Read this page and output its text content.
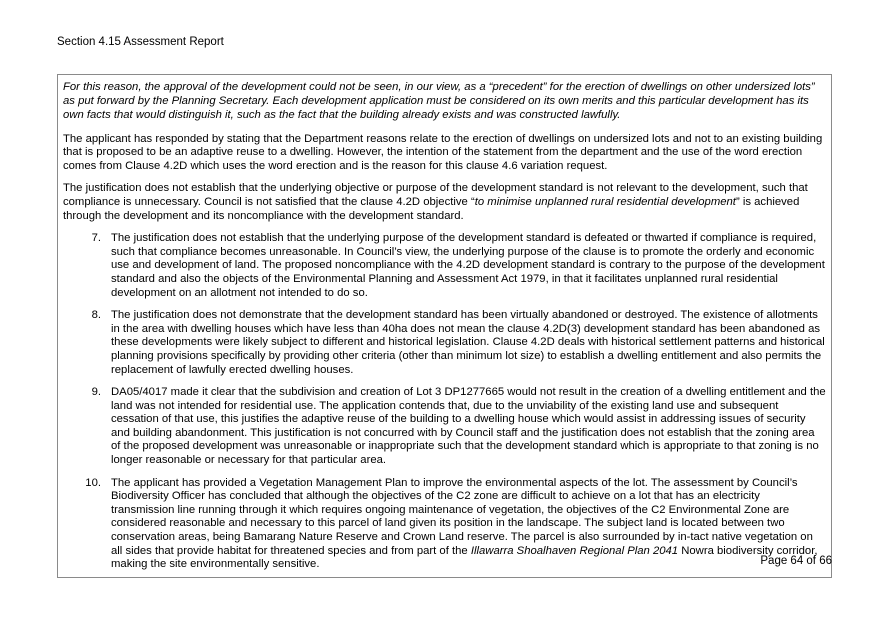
Section 4.15 Assessment Report

For this reason, the approval of the development could not be seen, in our view, as a “precedent” for the erection of dwellings on other undersized lots” as put forward by the Planning Secretary. Each development application must be considered on its own merits and this particular development has its own facts that would distinguish it, such as the fact that the building already exists and was constructed lawfully.

The applicant has responded by stating that the Department reasons relate to the erection of dwellings on undersized lots and not to an existing building that is proposed to be an adaptive reuse to a dwelling. However, the intention of the statement from the department and the use of the word erection comes from Clause 4.2D which uses the word erection and is the reason for this clause 4.6 variation request.

The justification does not establish that the underlying objective or purpose of the development standard is not relevant to the development, such that compliance is unnecessary. Council is not satisfied that the clause 4.2D objective “to minimise unplanned rural residential development” is achieved through the development and its noncompliance with the development standard.

7. The justification does not establish that the underlying purpose of the development standard is defeated or thwarted if compliance is required, such that compliance becomes unreasonable. In Council’s view, the underlying purpose of the clause is to promote the orderly and economic use and development of land. The proposed noncompliance with the 4.2D development standard is contrary to the purpose of the development standard and also the objects of the Environmental Planning and Assessment Act 1979, in that it facilitates unplanned rural residential development on an allotment not intended to do so.
8. The justification does not demonstrate that the development standard has been virtually abandoned or destroyed. The existence of allotments in the area with dwelling houses which have less than 40ha does not mean the clause 4.2D(3) development standard has been abandoned as these developments were likely subject to different and historical legislation. Clause 4.2D deals with historical settlement patterns and historical planning provisions specifically by providing other criteria (other than minimum lot size) to establish a dwelling entitlement and also permits the replacement of lawfully erected dwelling houses.
9. DA05/4017 made it clear that the subdivision and creation of Lot 3 DP1277665 would not result in the creation of a dwelling entitlement and the land was not intended for residential use. The application contends that, due to the unviability of the existing land use and subsequent cessation of that use, this justifies the adaptive reuse of the building to a dwelling house which would assist in addressing issues of security and building abandonment. This justification is not concurred with by Council staff and the justification does not establish that the zoning area of the proposed development was unreasonable or inappropriate such that the development standard which is appropriate to that zoning is no longer reasonable or necessary for that particular area.
10. The applicant has provided a Vegetation Management Plan to improve the environmental aspects of the lot. The assessment by Council’s Biodiversity Officer has concluded that although the objectives of the C2 zone are difficult to achieve on a lot that has an electricity transmission line running through it which requires ongoing maintenance of vegetation, the objectives of the C2 Environmental Zone are considered reasonable and necessary to this parcel of land given its position in the landscape. The subject land is located between two conservation areas, being Bamarang Nature Reserve and Crown Land reserve. The parcel is also surrounded by in-tact native vegetation on all sides that provide habitat for threatened species and from part of the Illawarra Shoalhaven Regional Plan 2041 Nowra biodiversity corridor, making the site environmentally sensitive.	Page 64 of 66
